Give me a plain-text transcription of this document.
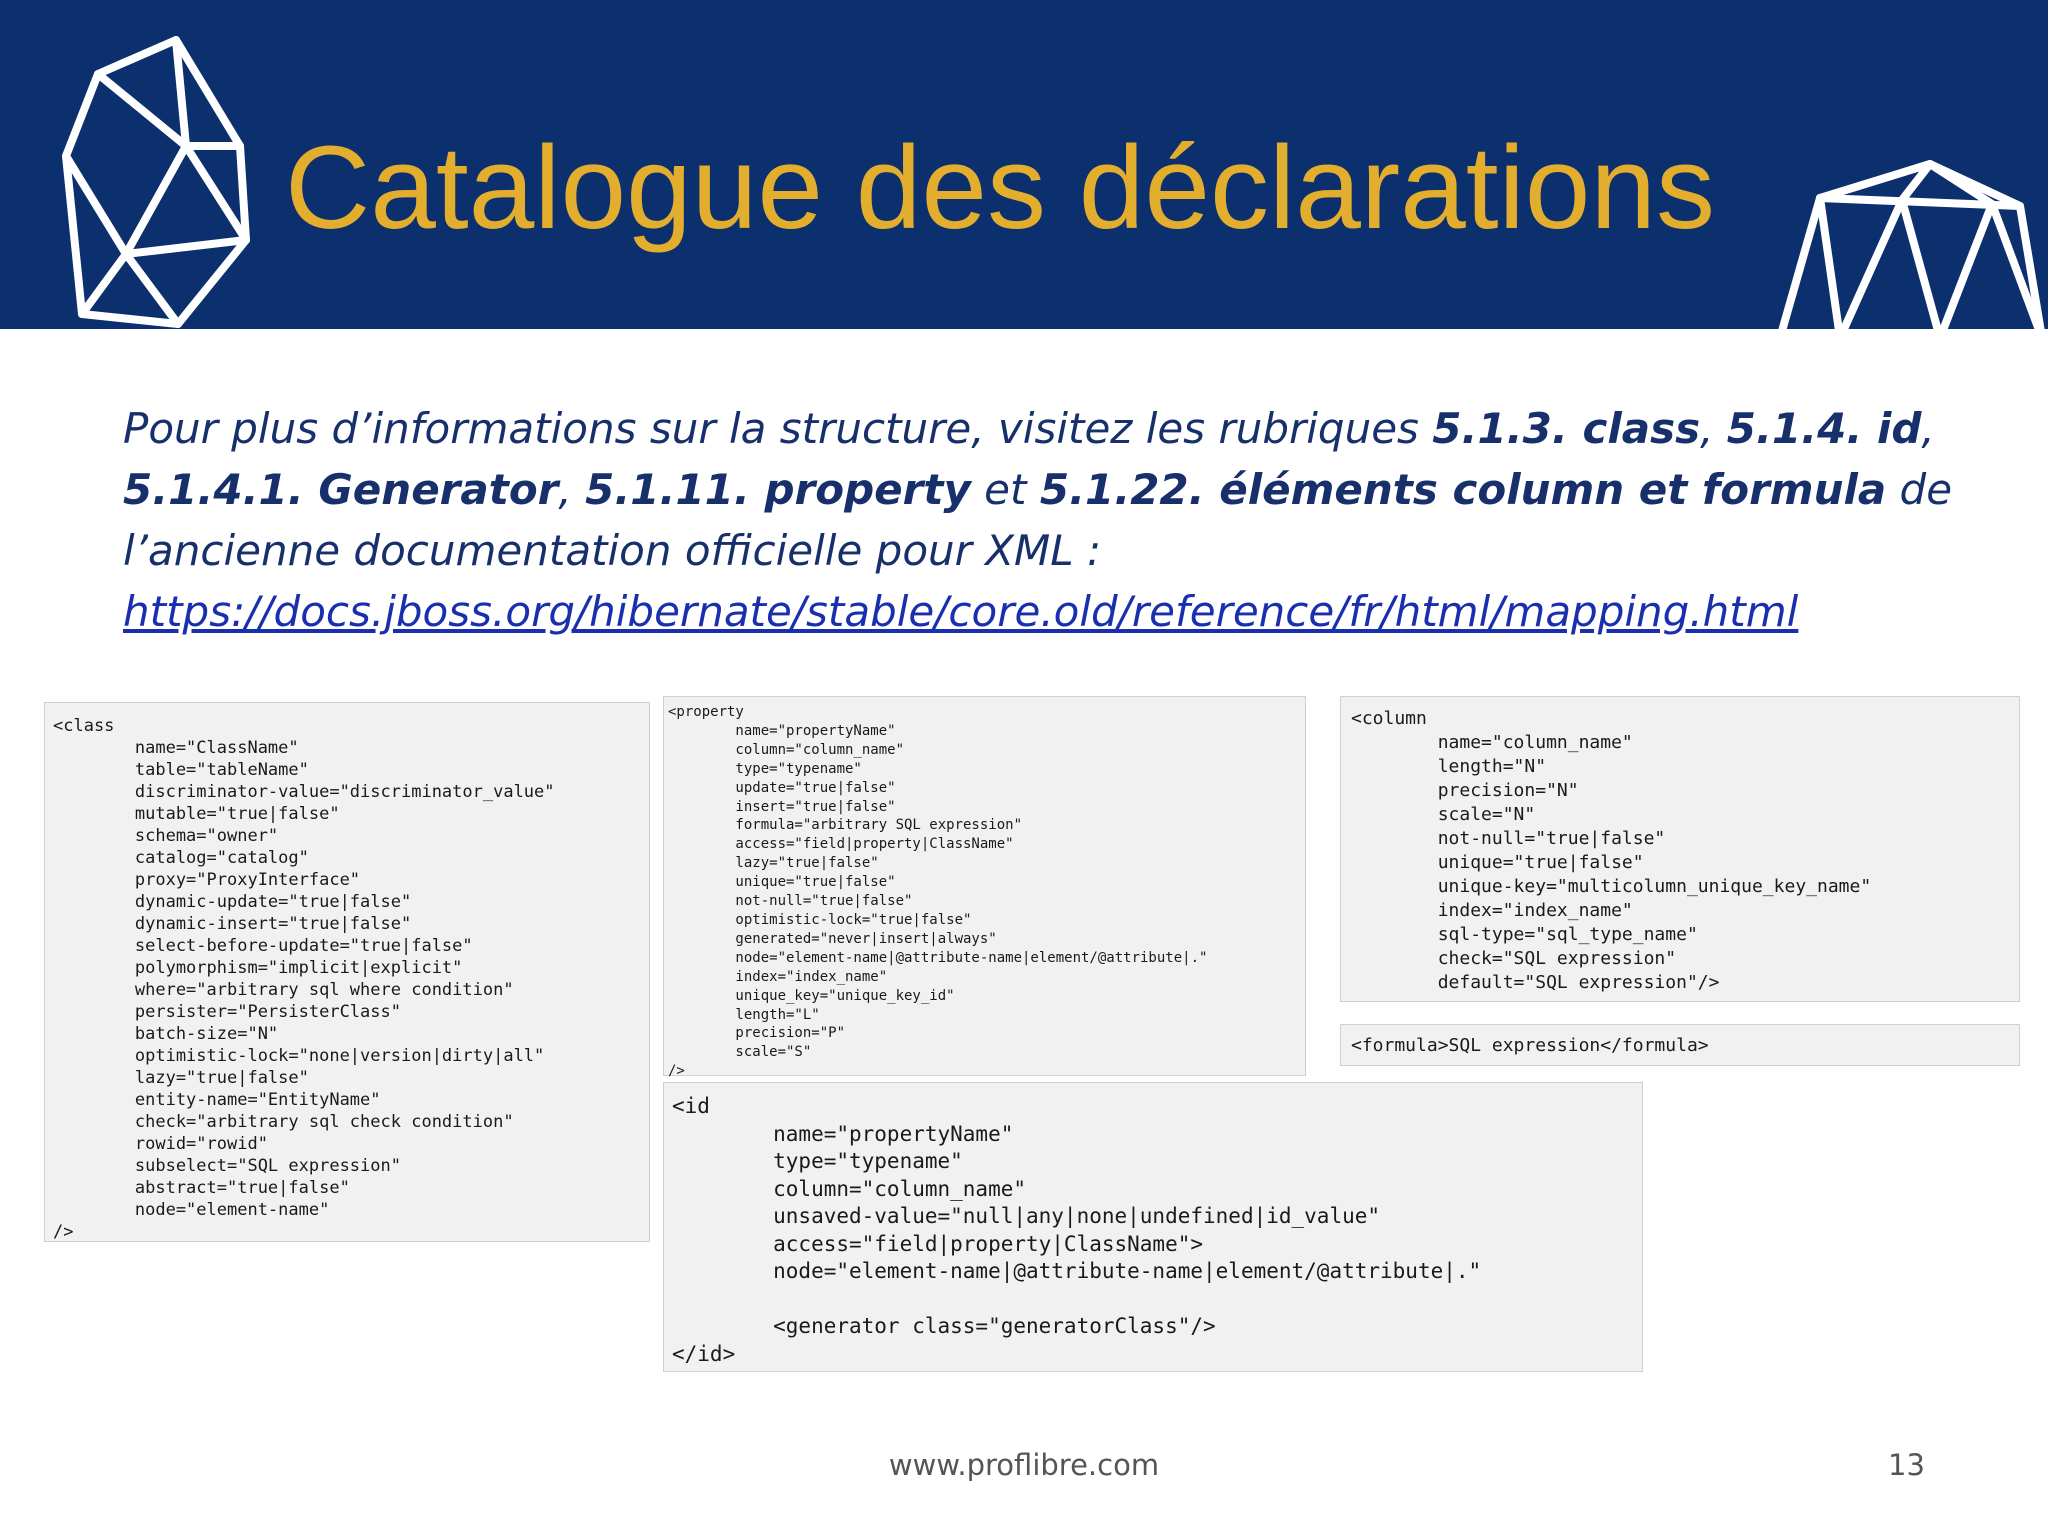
Catalogue des déclarations
Pour plus d’informations sur la structure, visitez les rubriques 5.1.3. class, 5.1.4. id, 5.1.4.1. Generator, 5.1.11. property et 5.1.22. éléments column et formula de l’ancienne documentation officielle pour XML :
https://docs.jboss.org/hibernate/stable/core.old/reference/fr/html/mapping.html
<class
name="ClassName"
table="tableName"
discriminator-value="discriminator_value"
mutable="true|false"
schema="owner"
catalog="catalog"
proxy="ProxyInterface"
dynamic-update="true|false"
dynamic-insert="true|false"
select-before-update="true|false"
polymorphism="implicit|explicit"
where="arbitrary sql where condition"
persister="PersisterClass"
batch-size="N"
optimistic-lock="none|version|dirty|all"
lazy="true|false"
entity-name="EntityName"
check="arbitrary sql check condition"
rowid="rowid"
subselect="SQL expression"
abstract="true|false"
node="element-name"
/>
<property
name="propertyName"
column="column_name"
type="typename"
update="true|false"
insert="true|false"
formula="arbitrary SQL expression"
access="field|property|ClassName"
lazy="true|false"
unique="true|false"
not-null="true|false"
optimistic-lock="true|false"
generated="never|insert|always"
node="element-name|@attribute-name|element/@attribute|."
index="index_name"
unique_key="unique_key_id"
length="L"
precision="P"
scale="S"
/>
<column
name="column_name"
length="N"
precision="N"
scale="N"
not-null="true|false"
unique="true|false"
unique-key="multicolumn_unique_key_name"
index="index_name"
sql-type="sql_type_name"
check="SQL expression"
default="SQL expression"/>
<formula>SQL expression</formula>
<id
name="propertyName"
type="typename"
column="column_name"
unsaved-value="null|any|none|undefined|id_value"
access="field|property|ClassName">
node="element-name|@attribute-name|element/@attribute|."

<generator class="generatorClass"/>
</id>
www.proflibre.com	13
